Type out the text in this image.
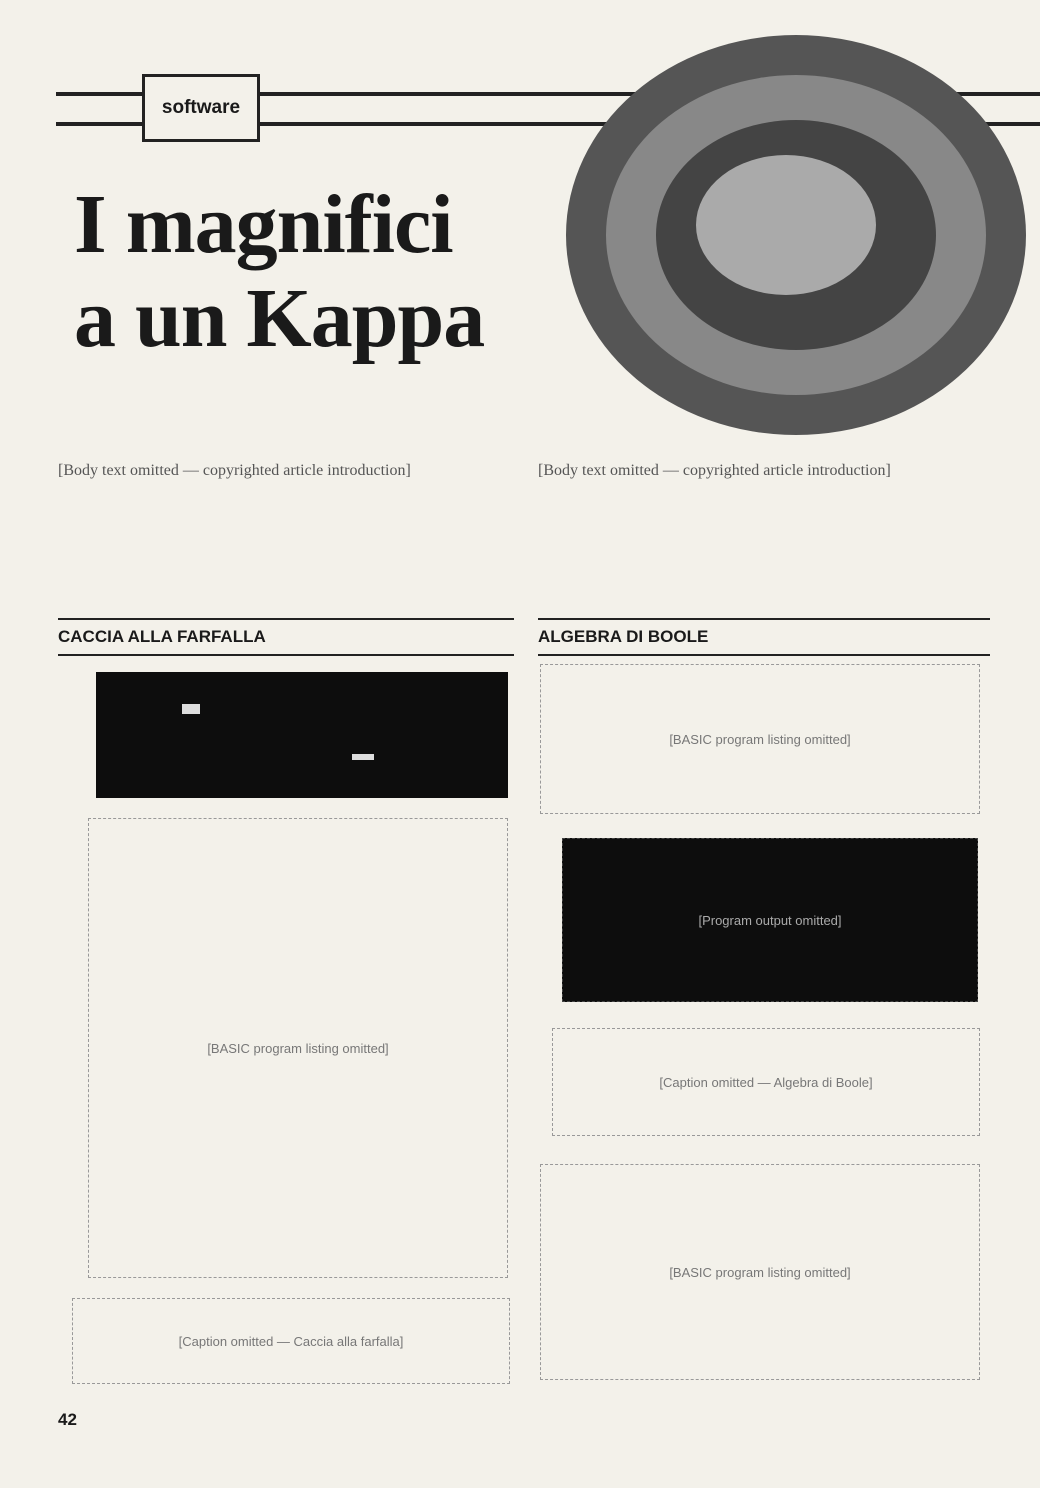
software
I magnifici
a un Kappa
[Body text omitted — copyrighted article introduction]	[Body text omitted — copyrighted article introduction]
CACCIA ALLA FARFALLA	ALGEBRA DI BOOLE
[BASIC program listing omitted]
[Caption omitted — Caccia alla farfalla]
[BASIC program listing omitted]
[Program output omitted]
[Caption omitted — Algebra di Boole]
[BASIC program listing omitted]
42
